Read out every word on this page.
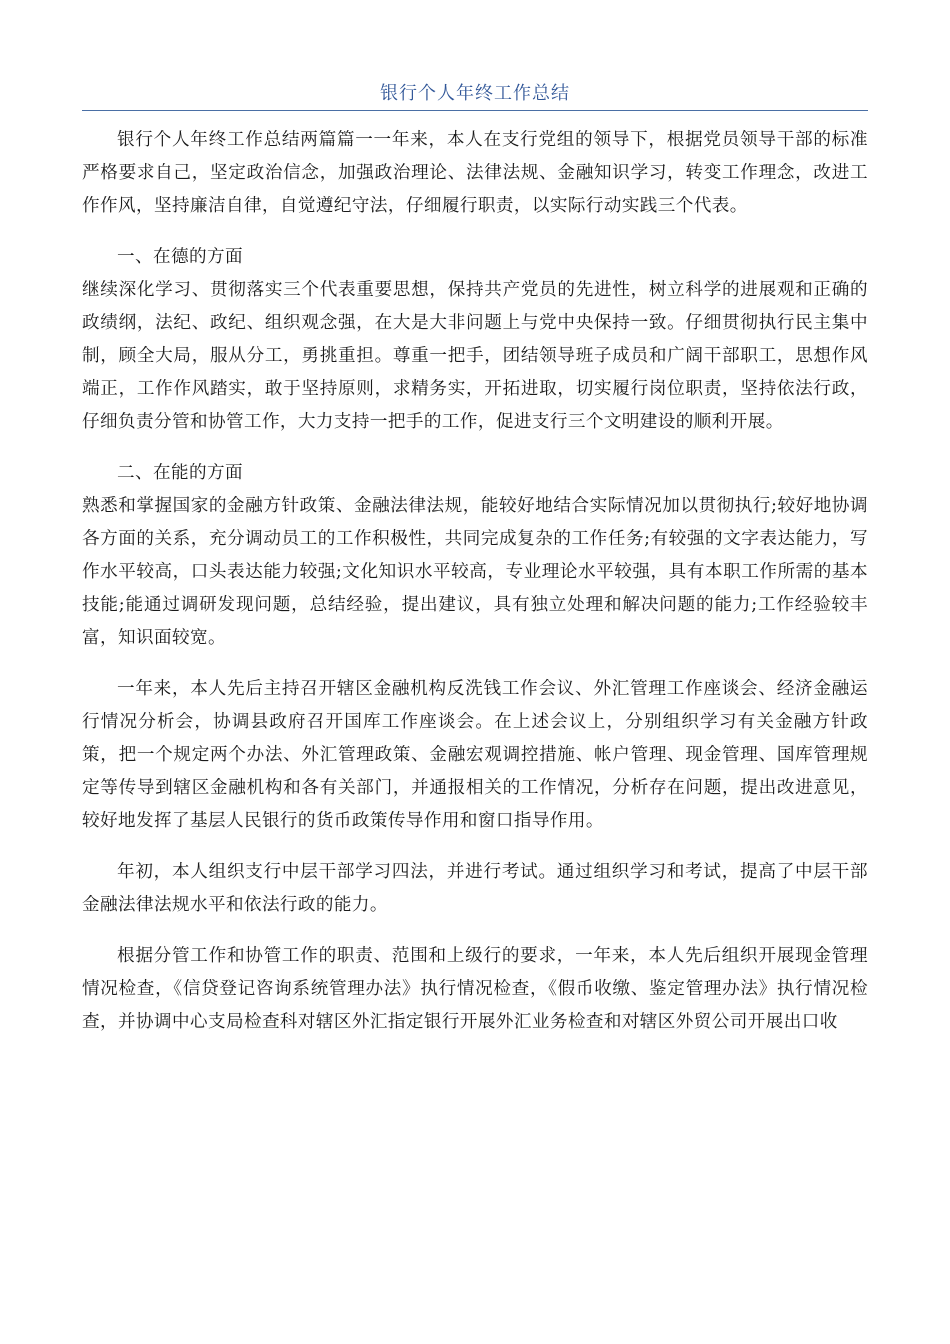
银行个人年终工作总结

银行个人年终工作总结两篇篇一一年来，本人在支行党组的领导下，根据党员领导干部的标准严格要求自己，坚定政治信念，加强政治理论、法律法规、金融知识学习，转变工作理念，改进工作作风，坚持廉洁自律，自觉遵纪守法，仔细履行职责，以实际行动实践三个代表。

一、在德的方面

继续深化学习、贯彻落实三个代表重要思想，保持共产党员的先进性，树立科学的进展观和正确的政绩纲，法纪、政纪、组织观念强，在大是大非问题上与党中央保持一致。仔细贯彻执行民主集中制，顾全大局，服从分工，勇挑重担。尊重一把手，团结领导班子成员和广阔干部职工，思想作风端正，工作作风踏实，敢于坚持原则，求精务实，开拓进取，切实履行岗位职责，坚持依法行政，仔细负责分管和协管工作，大力支持一把手的工作，促进支行三个文明建设的顺利开展。

二、在能的方面

熟悉和掌握国家的金融方针政策、金融法律法规，能较好地结合实际情况加以贯彻执行;较好地协调各方面的关系，充分调动员工的工作积极性，共同完成复杂的工作任务;有较强的文字表达能力，写作水平较高，口头表达能力较强;文化知识水平较高，专业理论水平较强，具有本职工作所需的基本技能;能通过调研发现问题，总结经验，提出建议，具有独立处理和解决问题的能力;工作经验较丰富，知识面较宽。

一年来，本人先后主持召开辖区金融机构反洗钱工作会议、外汇管理工作座谈会、经济金融运行情况分析会，协调县政府召开国库工作座谈会。在上述会议上，分别组织学习有关金融方针政策，把一个规定两个办法、外汇管理政策、金融宏观调控措施、帐户管理、现金管理、国库管理规定等传导到辖区金融机构和各有关部门，并通报相关的工作情况，分析存在问题，提出改进意见，较好地发挥了基层人民银行的货币政策传导作用和窗口指导作用。

年初，本人组织支行中层干部学习四法，并进行考试。通过组织学习和考试，提高了中层干部金融法律法规水平和依法行政的能力。

根据分管工作和协管工作的职责、范围和上级行的要求，一年来，本人先后组织开展现金管理情况检查，《信贷登记咨询系统管理办法》执行情况检查，《假币收缴、鉴定管理办法》执行情况检查，并协调中心支局检查科对辖区外汇指定银行开展外汇业务检查和对辖区外贸公司开展出口收
